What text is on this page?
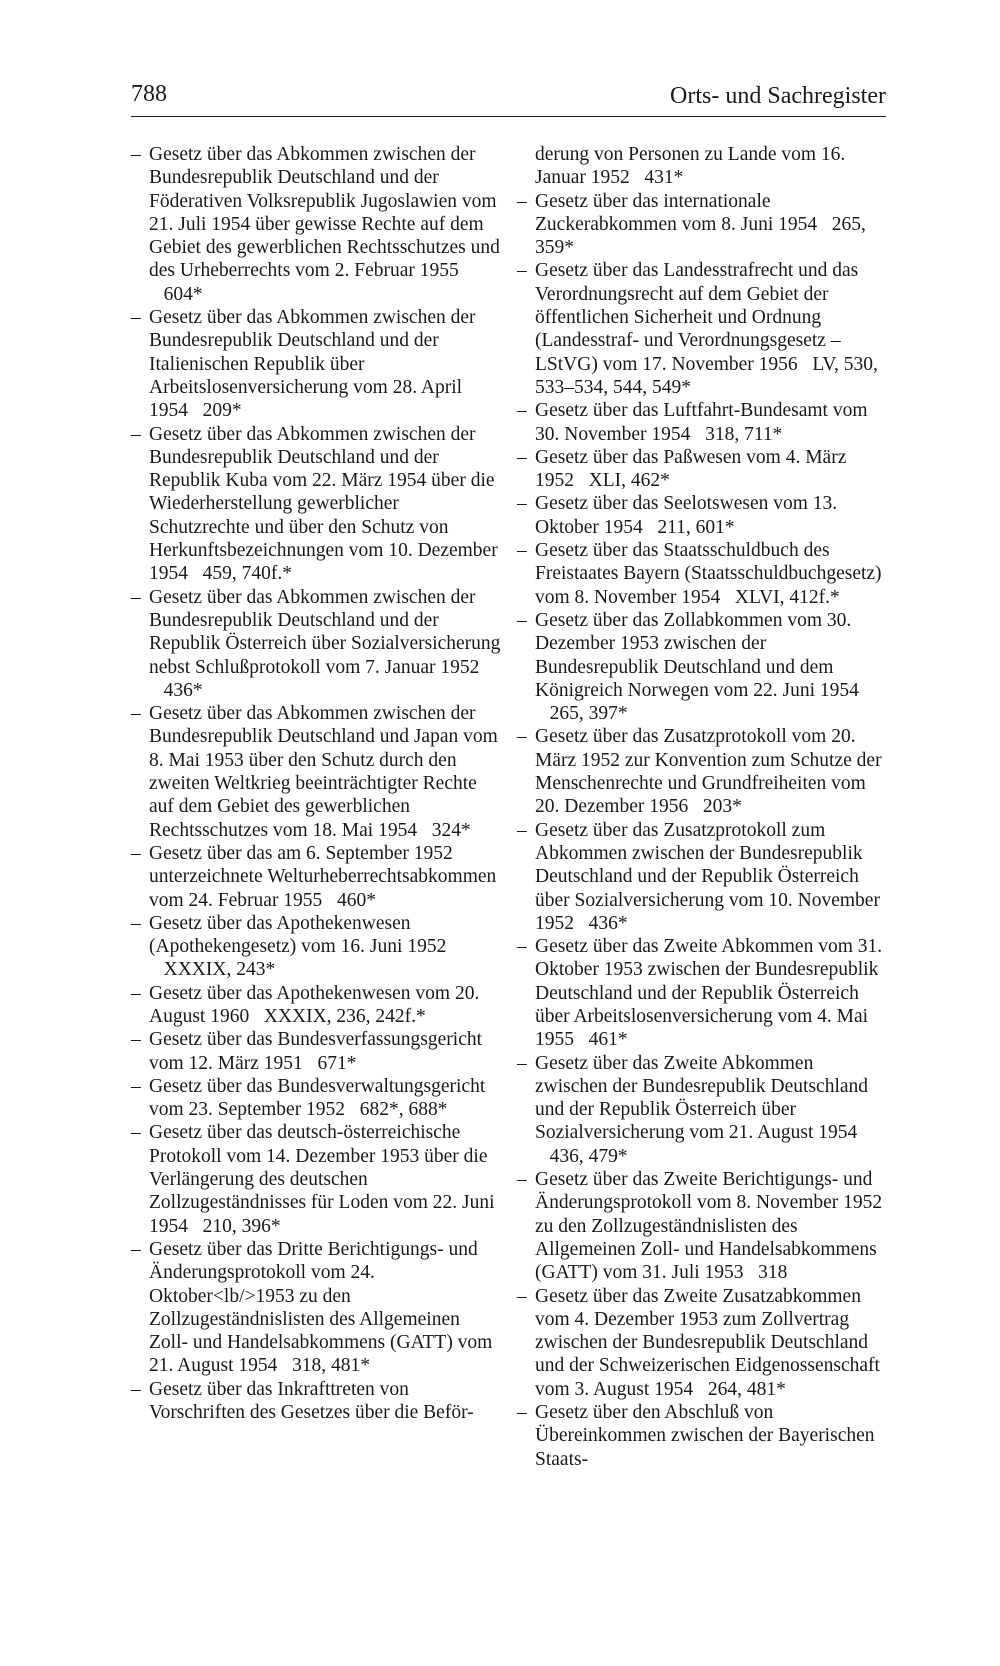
788	Orts- und Sachregister

– Gesetz über das Abkommen zwischen der Bundesrepublik Deutschland und der Föderativen Volksrepublik Jugoslawien vom 21. Juli 1954 über gewisse Rechte auf dem Gebiet des gewerblichen Rechtsschutzes und des Urheberrechts vom 2. Februar 1955   604*

– Gesetz über das Abkommen zwischen der Bundesrepublik Deutschland und der Italienischen Republik über Arbeitslosenversicherung vom 28. April 1954 209*

– Gesetz über das Abkommen zwischen der Bundesrepublik Deutschland und der Republik Kuba vom 22. März 1954 über die Wiederherstellung gewerblicher Schutzrechte und über den Schutz von Herkunftsbezeichnungen vom 10. Dezember 1954 459, 740f.*

– Gesetz über das Abkommen zwischen der Bundesrepublik Deutschland und der Republik Österreich über Sozialversicherung nebst Schlußprotokoll vom 7. Januar 1952   436*

– Gesetz über das Abkommen zwischen der Bundesrepublik Deutschland und Japan vom 8. Mai 1953 über den Schutz durch den zweiten Weltkrieg beeinträchtigter Rechte auf dem Gebiet des gewerblichen Rechtsschutzes vom 18. Mai 1954 324*

– Gesetz über das am 6. September 1952 unterzeichnete Welturheberrechtsabkommen vom 24. Februar 1955 460*

– Gesetz über das Apothekenwesen (Apothekengesetz) vom 16. Juni 1952   XXXIX, 243*

– Gesetz über das Apothekenwesen vom 20. August 1960 XXXIX, 236, 242f.*

– Gesetz über das Bundesverfassungsgericht vom 12. März 1951 671*

– Gesetz über das Bundesverwaltungsgericht vom 23. September 1952 682*, 688*

– Gesetz über das deutsch-österreichische Protokoll vom 14. Dezember 1953 über die Verlängerung des deutschen Zollzugeständnisses für Loden vom 22. Juni 1954 210, 396*

– Gesetz über das Dritte Berichtigungs- und Änderungsprotokoll vom 24. Oktober<lb/>1953 zu den Zollzugeständnislisten des Allgemeinen Zoll- und Handelsabkommens (GATT) vom 21. August 1954 318, 481*

– Gesetz über das Inkrafttreten von Vorschriften des Gesetzes über die Beför-

derung von Personen zu Lande vom 16. Januar 1952 431*

– Gesetz über das internationale Zuckerabkommen vom 8. Juni 1954 265, 359*

– Gesetz über das Landesstrafrecht und das Verordnungsrecht auf dem Gebiet der öffentlichen Sicherheit und Ordnung (Landesstraf- und Verordnungsgesetz – LStVG) vom 17. November 1956 LV, 530, 533–534, 544, 549*

– Gesetz über das Luftfahrt-Bundesamt vom 30. November 1954 318, 711*

– Gesetz über das Paßwesen vom 4. März 1952 XLI, 462*

– Gesetz über das Seelotswesen vom 13. Oktober 1954 211, 601*

– Gesetz über das Staatsschuldbuch des Freistaates Bayern (Staatsschuldbuchgesetz) vom 8. November 1954 XLVI, 412f.*

– Gesetz über das Zollabkommen vom 30. Dezember 1953 zwischen der Bundesrepublik Deutschland und dem Königreich Norwegen vom 22. Juni 1954   265, 397*

– Gesetz über das Zusatzprotokoll vom 20. März 1952 zur Konvention zum Schutze der Menschenrechte und Grundfreiheiten vom 20. Dezember 1956 203*

– Gesetz über das Zusatzprotokoll zum Abkommen zwischen der Bundesrepublik Deutschland und der Republik Österreich über Sozialversicherung vom 10. November 1952 436*

– Gesetz über das Zweite Abkommen vom 31. Oktober 1953 zwischen der Bundesrepublik Deutschland und der Republik Österreich über Arbeitslosenversicherung vom 4. Mai 1955 461*

– Gesetz über das Zweite Abkommen zwischen der Bundesrepublik Deutschland und der Republik Österreich über Sozialversicherung vom 21. August 1954   436, 479*

– Gesetz über das Zweite Berichtigungs- und Änderungsprotokoll vom 8. November 1952 zu den Zollzugeständnislisten des Allgemeinen Zoll- und Handelsabkommens (GATT) vom 31. Juli 1953 318

– Gesetz über das Zweite Zusatzabkommen vom 4. Dezember 1953 zum Zollvertrag zwischen der Bundesrepublik Deutschland und der Schweizerischen Eidgenossenschaft vom 3. August 1954 264, 481*

– Gesetz über den Abschluß von Übereinkommen zwischen der Bayerischen Staats-
